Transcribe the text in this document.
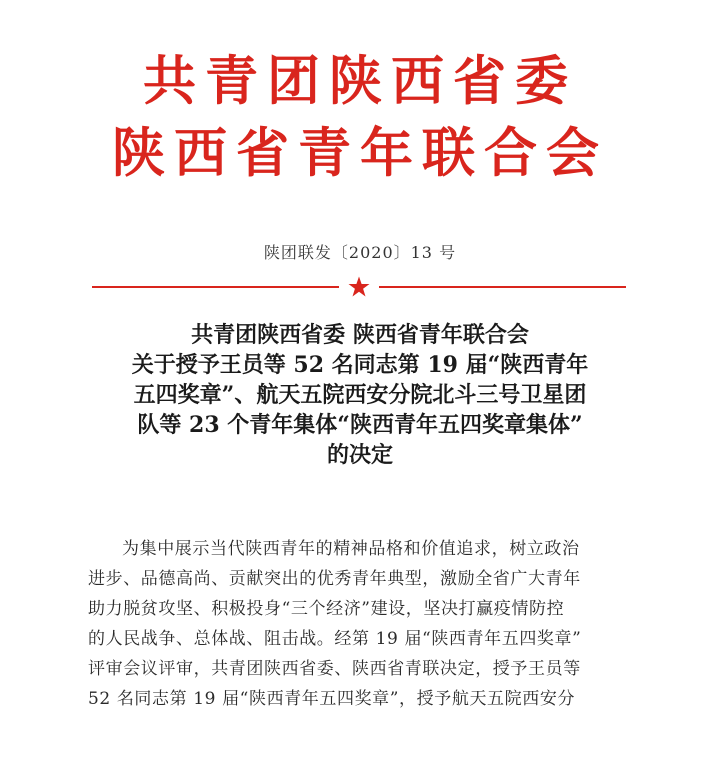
共青团陕西省委
陕西省青年联合会
陕团联发〔2020〕13 号
共青团陕西省委 陕西省青年联合会
关于授予王员等 52 名同志第 19 届“陕西青年
五四奖章”、航天五院西安分院北斗三号卫星团
队等 23 个青年集体“陕西青年五四奖章集体”
的决定
为集中展示当代陕西青年的精神品格和价值追求，树立政治
进步、品德高尚、贡献突出的优秀青年典型，激励全省广大青年
助力脱贫攻坚、积极投身“三个经济”建设，坚决打赢疫情防控
的人民战争、总体战、阻击战。经第 19 届“陕西青年五四奖章”
评审会议评审，共青团陕西省委、陕西省青联决定，授予王员等
52 名同志第 19 届“陕西青年五四奖章”，授予航天五院西安分
